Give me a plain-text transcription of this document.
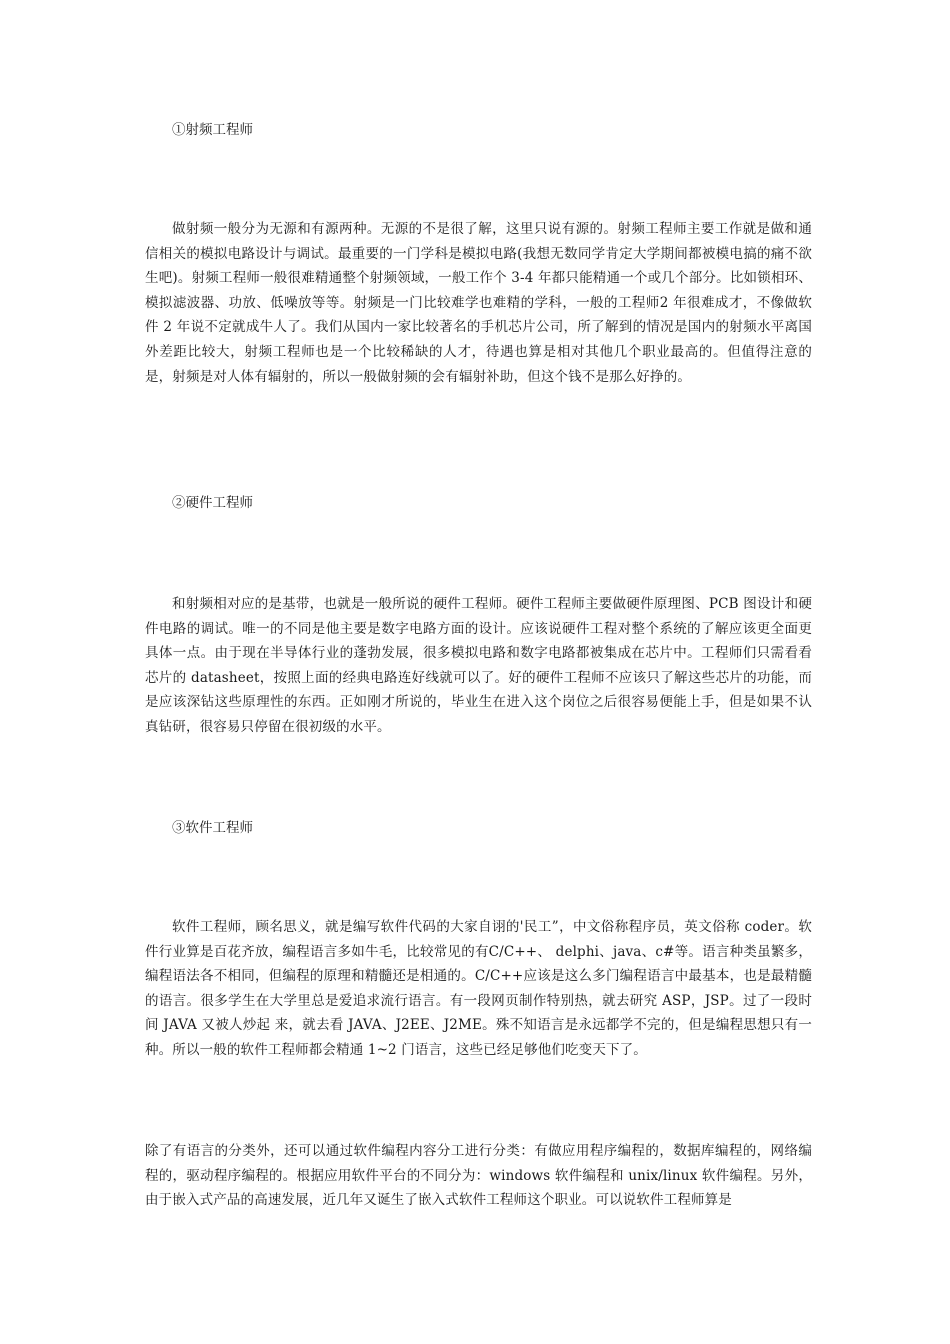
①射频工程师
做射频一般分为无源和有源两种。无源的不是很了解，这里只说有源的。射频工程师主要工作就是做和通信相关的模拟电路设计与调试。最重要的一门学科是模拟电路(我想无数同学肯定大学期间都被模电搞的痛不欲生吧)。射频工程师一般很难精通整个射频领域，一般工作个 3-4 年都只能精通一个或几个部分。比如锁相环、模拟滤波器、功放、低噪放等等。射频是一门比较难学也难精的学科，一般的工程师2 年很难成才，不像做软件 2 年说不定就成牛人了。我们从国内一家比较著名的手机芯片公司，所了解到的情况是国内的射频水平离国外差距比较大，射频工程师也是一个比较稀缺的人才，待遇也算是相对其他几个职业最高的。但值得注意的是，射频是对人体有辐射的，所以一般做射频的会有辐射补助，但这个钱不是那么好挣的。
②硬件工程师
和射频相对应的是基带，也就是一般所说的硬件工程师。硬件工程师主要做硬件原理图、PCB 图设计和硬件电路的调试。唯一的不同是他主要是数字电路方面的设计。应该说硬件工程对整个系统的了解应该更全面更具体一点。由于现在半导体行业的蓬勃发展，很多模拟电路和数字电路都被集成在芯片中。工程师们只需看看芯片的 datasheet，按照上面的经典电路连好线就可以了。好的硬件工程师不应该只了解这些芯片的功能，而是应该深钻这些原理性的东西。正如刚才所说的，毕业生在进入这个岗位之后很容易便能上手，但是如果不认真钻研，很容易只停留在很初级的水平。
③软件工程师
软件工程师，顾名思义，就是编写软件代码的大家自诩的'民工”，中文俗称程序员，英文俗称 coder。软件行业算是百花齐放，编程语言多如牛毛，比较常见的有C/C++、 delphi、java、c#等。语言种类虽繁多，编程语法各不相同，但编程的原理和精髓还是相通的。C/C++应该是这么多门编程语言中最基本，也是最精髓的语言。很多学生在大学里总是爱追求流行语言。有一段网页制作特别热，就去研究 ASP，JSP。过了一段时间 JAVA 又被人炒起 来，就去看 JAVA、J2EE、J2ME。殊不知语言是永远都学不完的，但是编程思想只有一种。所以一般的软件工程师都会精通 1~2 门语言，这些已经足够他们吃变天下了。
除了有语言的分类外，还可以通过软件编程内容分工进行分类：有做应用程序编程的，数据库编程的，网络编程的，驱动程序编程的。根据应用软件平台的不同分为：windows 软件编程和 unix/linux 软件编程。另外，由于嵌入式产品的高速发展，近几年又诞生了嵌入式软件工程师这个职业。可以说软件工程师算是
